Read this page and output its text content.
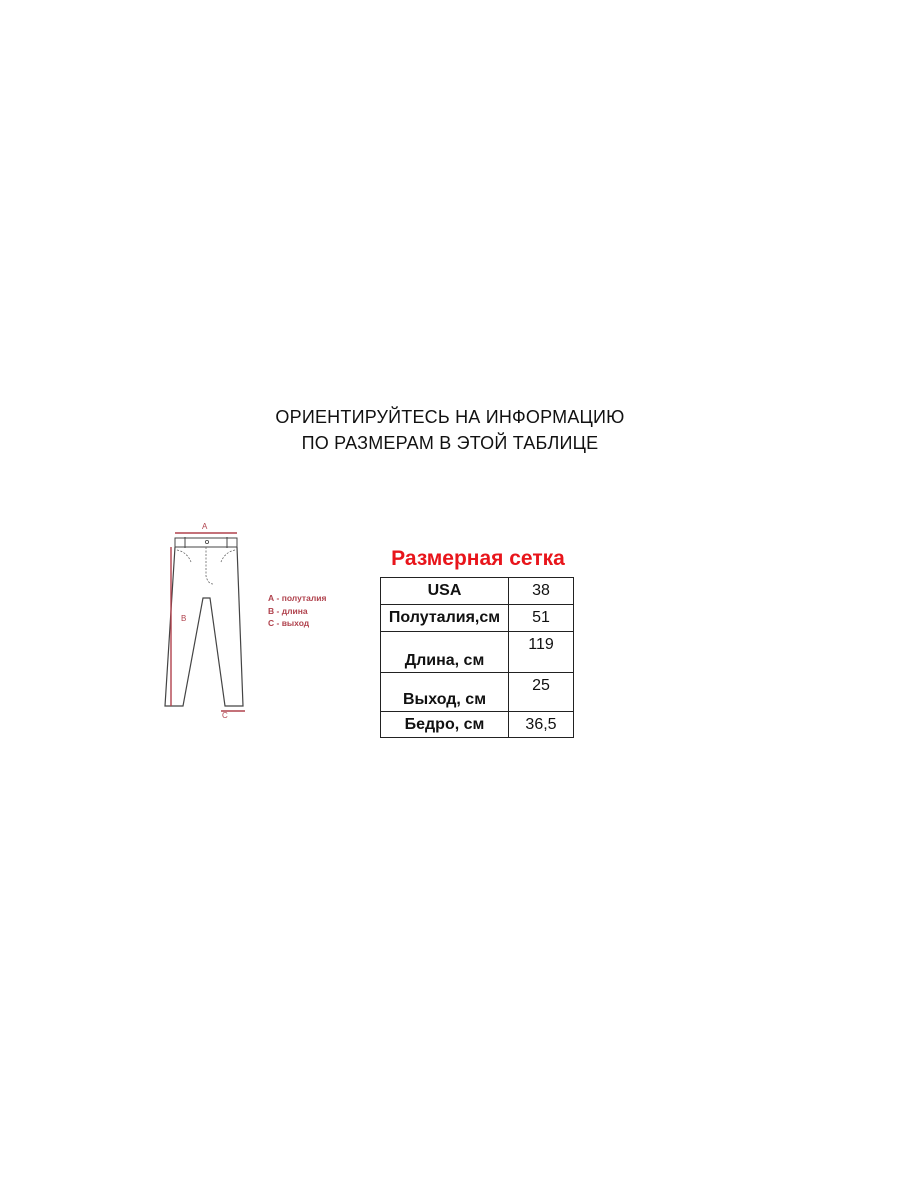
ОРИЕНТИРУЙТЕСЬ НА ИНФОРМАЦИЮ
ПО РАЗМЕРАМ В ЭТОЙ ТАБЛИЦЕ
A
B
C
А - полуталия
В - длина
С - выход
Размерная сетка
USA	38
Полуталия,см	51
Длина, см	119
Выход, см	25
Бедро, см	36,5
